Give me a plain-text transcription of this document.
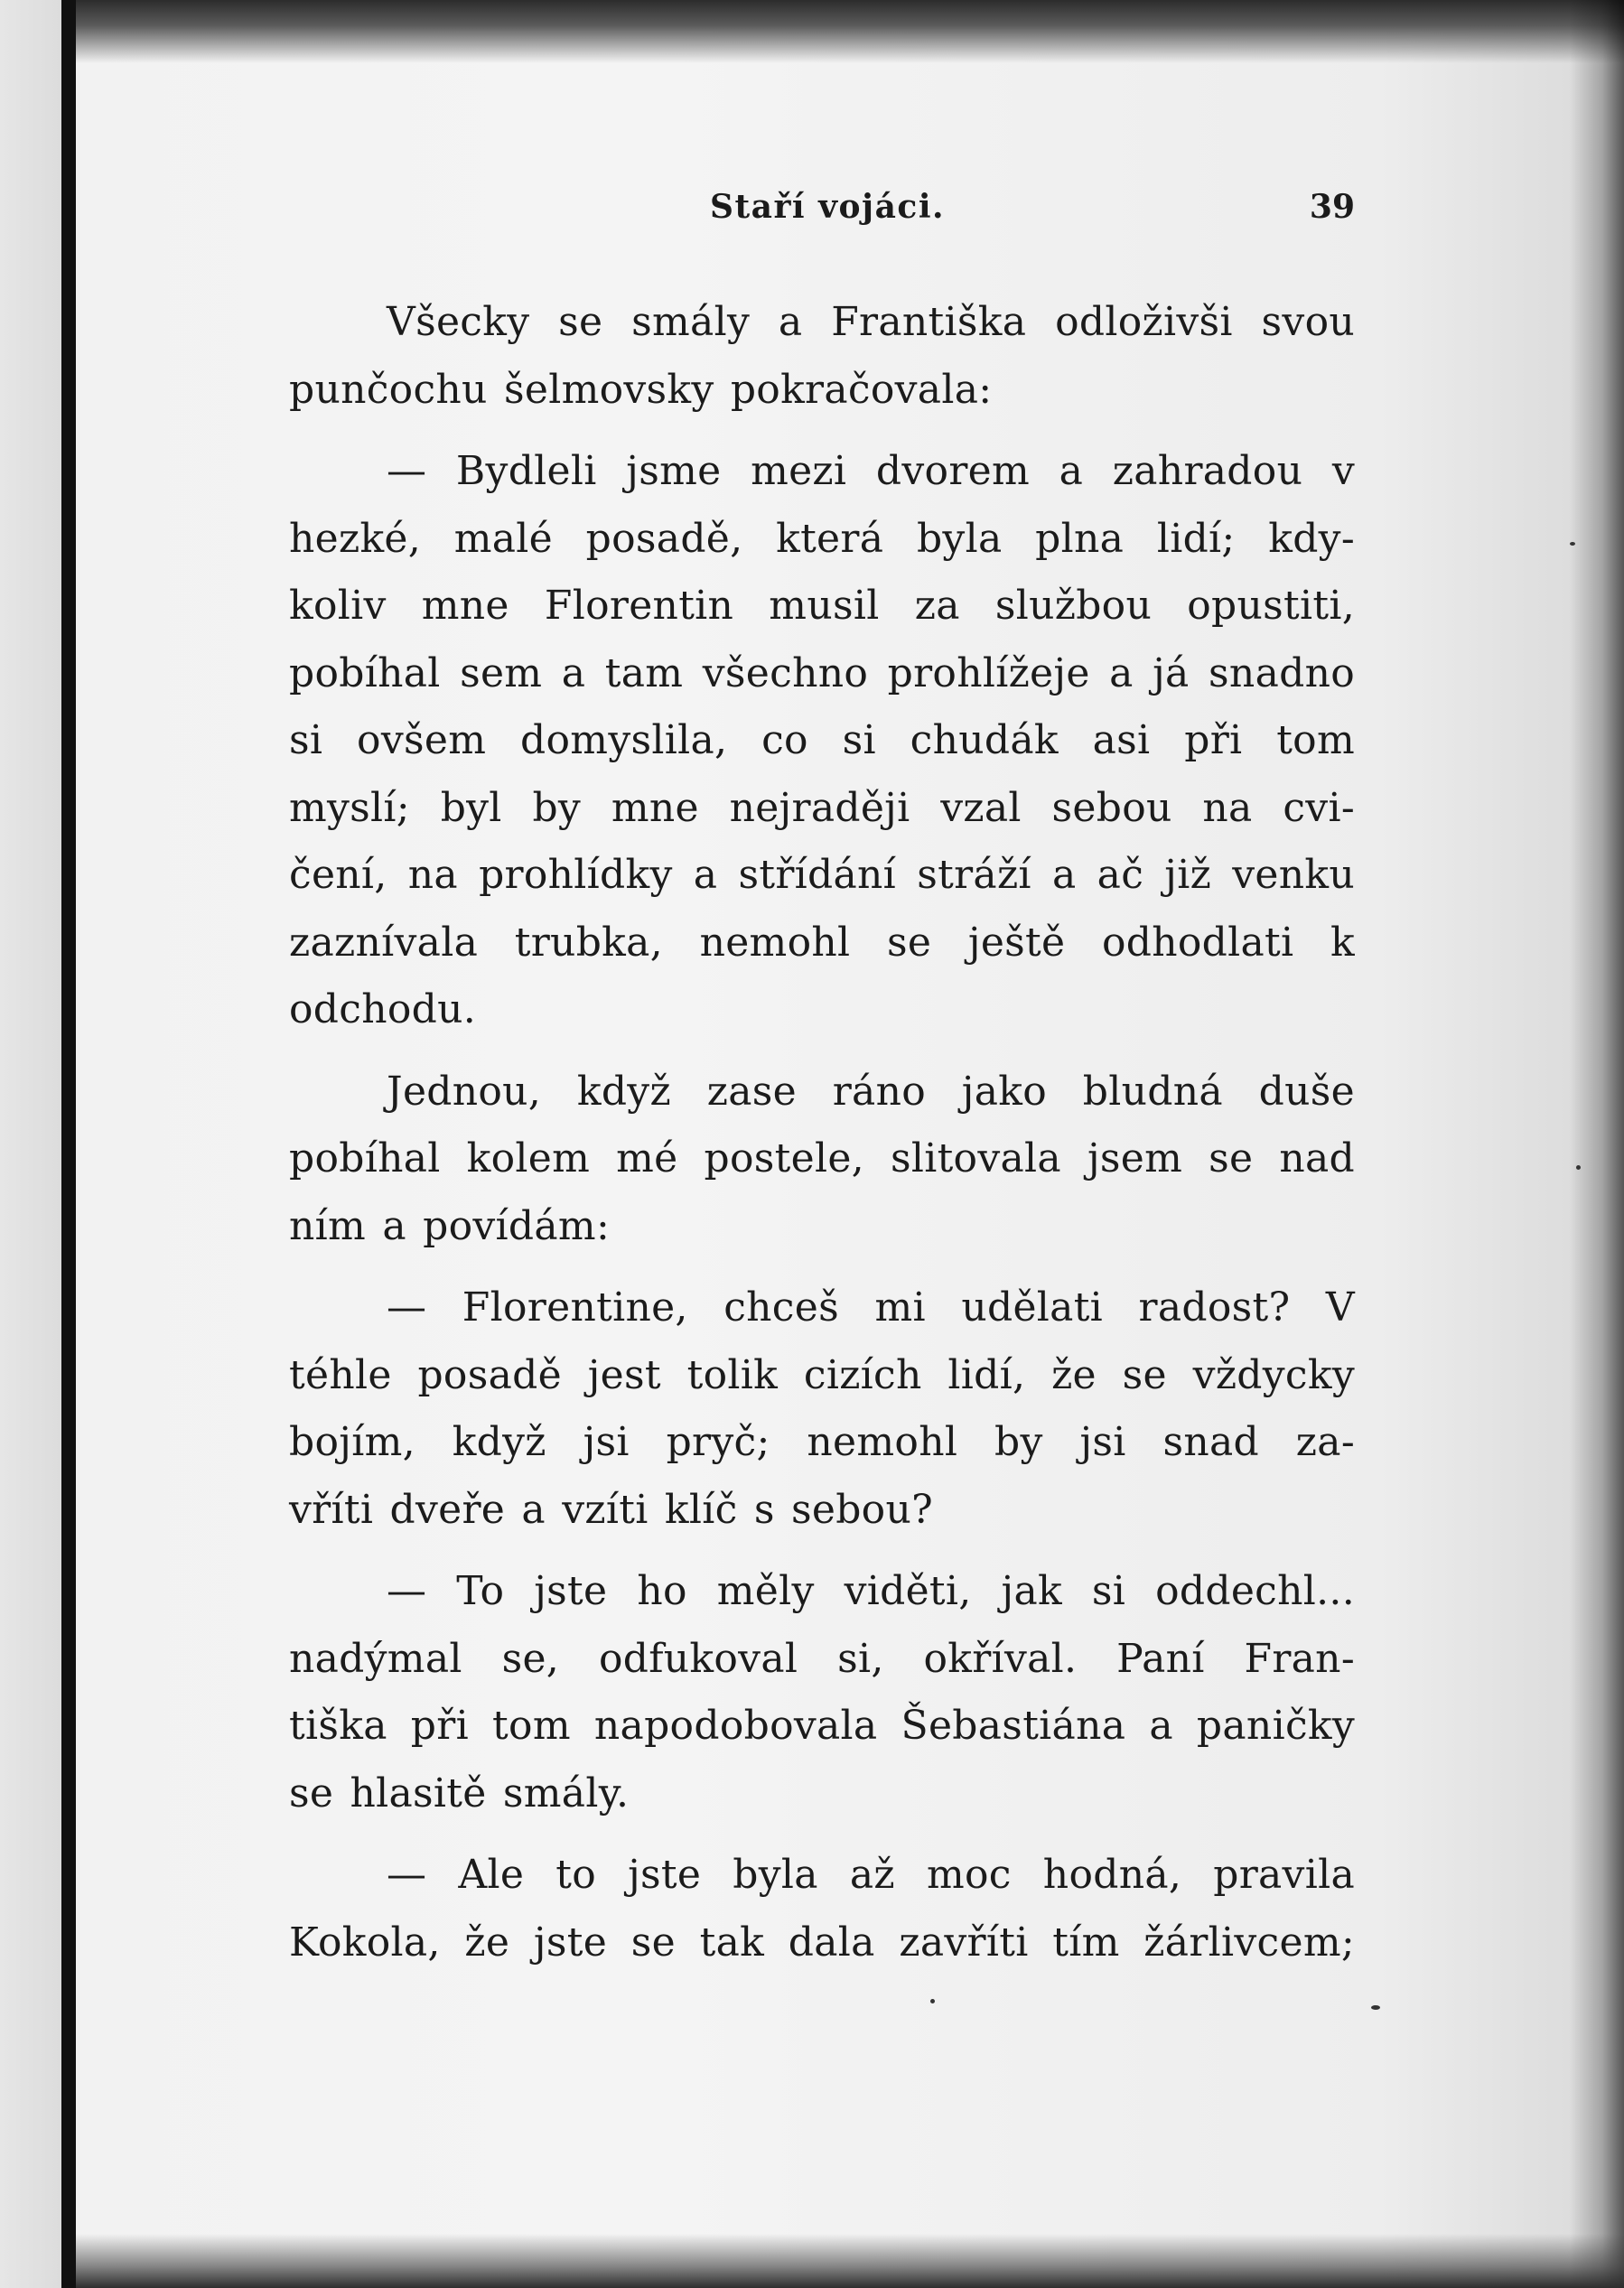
Staří vojáci.	39
Všecky se smály a Františka odloživši svou
punčochu šelmovsky pokračovala:
— Bydleli jsme mezi dvorem a zahradou v
hezké, malé posadě, která byla plna lidí; kdy-
koliv mne Florentin musil za službou opustiti,
pobíhal sem a tam všechno prohlížeje a já snadno
si ovšem domyslila, co si chudák asi při tom
myslí; byl by mne nejraději vzal sebou na cvi-
čení, na prohlídky a střídání stráží a ač již venku
zaznívala trubka, nemohl se ještě odhodlati k
odchodu.
Jednou, když zase ráno jako bludná duše
pobíhal kolem mé postele, slitovala jsem se nad
ním a povídám:
— Florentine, chceš mi udělati radost? V
téhle posadě jest tolik cizích lidí, že se vždycky
bojím, když jsi pryč; nemohl by jsi snad za-
vříti dveře a vzíti klíč s sebou?
— To jste ho měly viděti, jak si oddechl...
nadýmal se, odfukoval si, okříval. Paní Fran-
tiška při tom napodobovala Šebastiána a paničky
se hlasitě smály.
— Ale to jste byla až moc hodná, pravila
Kokola, že jste se tak dala zavříti tím žárlivcem;
